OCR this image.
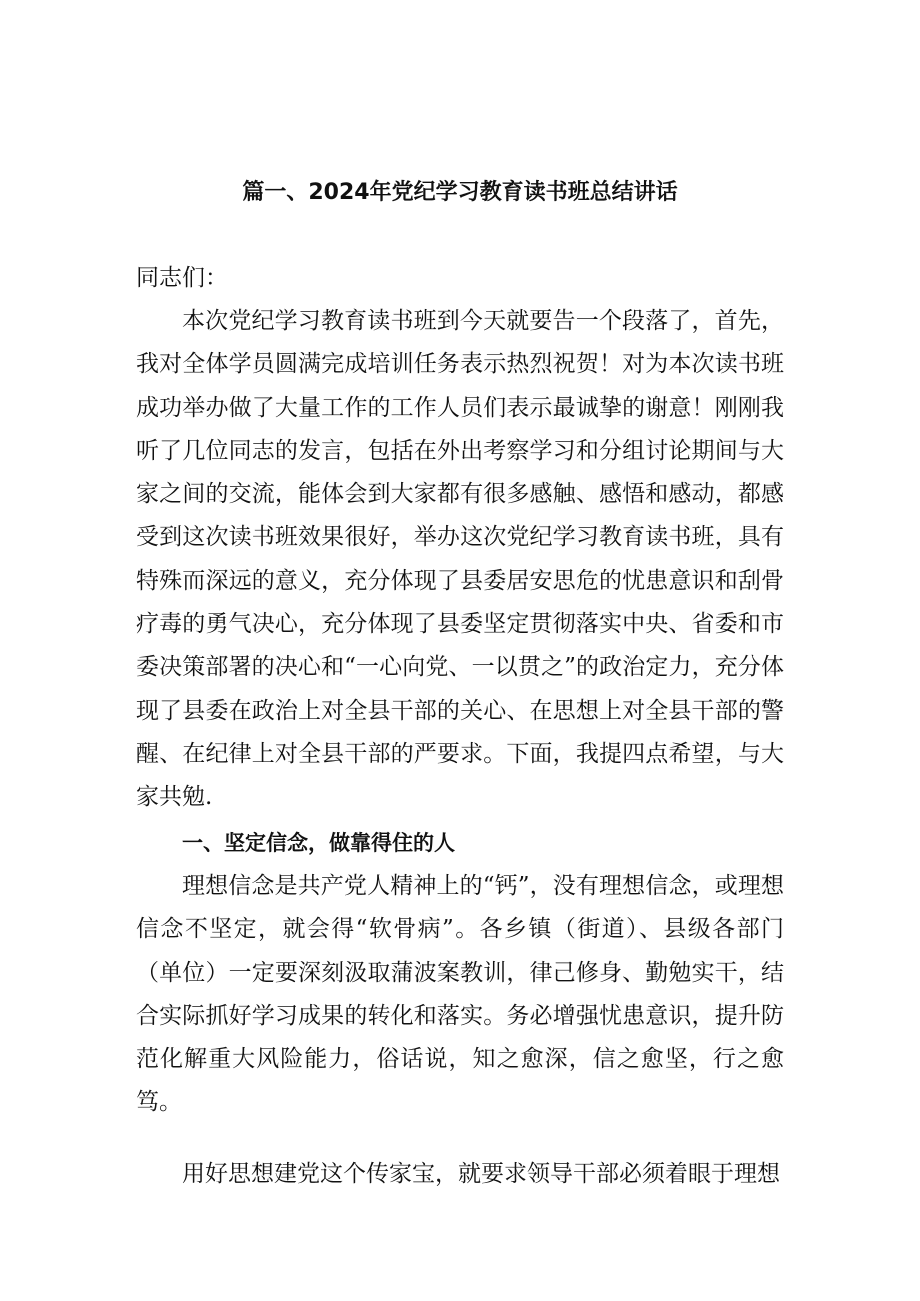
篇一、2024年党纪学习教育读书班总结讲话

同志们：

本次党纪学习教育读书班到今天就要告一个段落了，首先，我对全体学员圆满完成培训任务表示热烈祝贺！对为本次读书班成功举办做了大量工作的工作人员们表示最诚挚的谢意！刚刚我听了几位同志的发言，包括在外出考察学习和分组讨论期间与大家之间的交流，能体会到大家都有很多感触、感悟和感动，都感受到这次读书班效果很好，举办这次党纪学习教育读书班，具有特殊而深远的意义，充分体现了县委居安思危的忧患意识和刮骨疗毒的勇气决心，充分体现了县委坚定贯彻落实中央、省委和市委决策部署的决心和“一心向党、一以贯之”的政治定力，充分体现了县委在政治上对全县干部的关心、在思想上对全县干部的警醒、在纪律上对全县干部的严要求。下面，我提四点希望，与大家共勉.

一、坚定信念，做靠得住的人

理想信念是共产党人精神上的“钙”，没有理想信念，或理想信念不坚定，就会得“软骨病”。各乡镇（街道）、县级各部门（单位）一定要深刻汲取蒲波案教训，律己修身、勤勉实干，结合实际抓好学习成果的转化和落实。务必增强忧患意识，提升防范化解重大风险能力，俗话说，知之愈深，信之愈坚，行之愈笃。

用好思想建党这个传家宝，就要求领导干部必须着眼于理想
